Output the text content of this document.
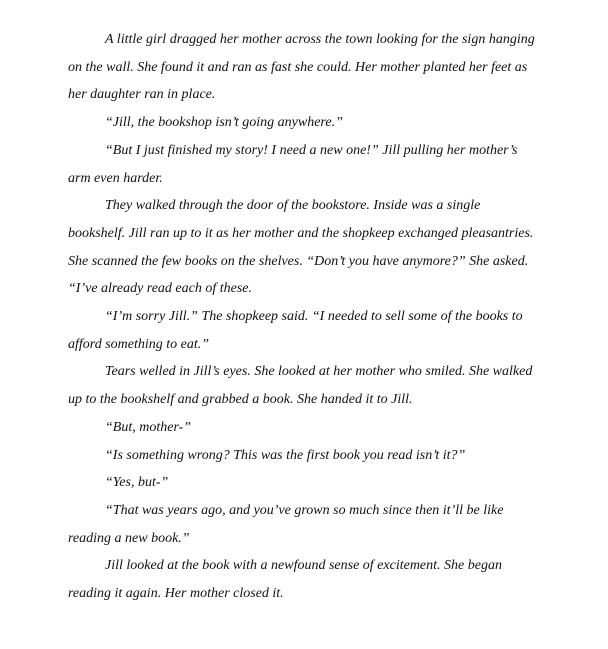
A little girl dragged her mother across the town looking for the sign hanging
on the wall. She found it and ran as fast she could. Her mother planted her feet as
her daughter ran in place.

“Jill, the bookshop isn’t going anywhere.”

“But I just finished my story! I need a new one!” Jill pulling her mother’s
arm even harder.

They walked through the door of the bookstore. Inside was a single
bookshelf. Jill ran up to it as her mother and the shopkeep exchanged pleasantries.
She scanned the few books on the shelves. “Don’t you have anymore?” She asked.
“I’ve already read each of these.

“I’m sorry Jill.” The shopkeep said. “I needed to sell some of the books to
afford something to eat.”

Tears welled in Jill’s eyes. She looked at her mother who smiled. She walked
up to the bookshelf and grabbed a book. She handed it to Jill.

“But, mother-”

“Is something wrong? This was the first book you read isn’t it?”

“Yes, but-”

“That was years ago, and you’ve grown so much since then it’ll be like
reading a new book.”

Jill looked at the book with a newfound sense of excitement. She began
reading it again. Her mother closed it.
